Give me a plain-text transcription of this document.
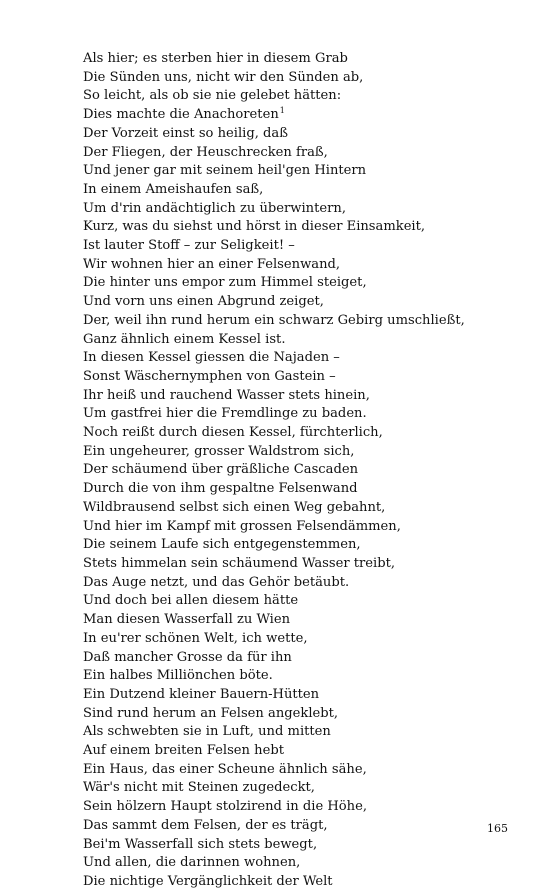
Als hier; es sterben hier in diesem Grab
Die Sünden uns, nicht wir den Sünden ab,
So leicht, als ob sie nie gelebet hätten:
Dies machte die Anachoreten$^1$
Der Vorzeit einst so heilig, daß
Der Fliegen, der Heuschrecken fraß,
Und jener gar mit seinem heil'gen Hintern
In einem Ameishaufen saß,
Um d'rin andächtiglich zu überwintern,
Kurz, was du siehst und hörst in dieser Einsamkeit,
Ist lauter Stoff – zur Seligkeit! –
Wir wohnen hier an einer Felsenwand,
Die hinter uns empor zum Himmel steiget,
Und vorn uns einen Abgrund zeiget,
Der, weil ihn rund herum ein schwarz Gebirg umschließt,
Ganz ähnlich einem Kessel ist.
In diesen Kessel giessen die Najaden –
Sonst Wäschernymphen von Gastein –
Ihr heiß und rauchend Wasser stets hinein,
Um gastfrei hier die Fremdlinge zu baden.
Noch reißt durch diesen Kessel, fürchterlich,
Ein ungeheurer, grosser Waldstrom sich,
Der schäumend über gräßliche Cascaden
Durch die von ihm gespaltne Felsenwand
Wildbrausend selbst sich einen Weg gebahnt,
Und hier im Kampf mit grossen Felsendämmen,
Die seinem Laufe sich entgegenstemmen,
Stets himmelan sein schäumend Wasser treibt,
Das Auge netzt, und das Gehör betäubt.
Und doch bei allen diesem hätte
Man diesen Wasserfall zu Wien
In eu'rer schönen Welt, ich wette,
Daß mancher Grosse da für ihn
Ein halbes Milliönchen böte.
Ein Dutzend kleiner Bauern-Hütten
Sind rund herum an Felsen angeklebt,
Als schwebten sie in Luft, und mitten
Auf einem breiten Felsen hebt
Ein Haus, das einer Scheune ähnlich sähe,
Wär's nicht mit Steinen zugedeckt,
Sein hölzern Haupt stolzirend in die Höhe,
Das sammt dem Felsen, der es trägt,
Bei'm Wasserfall sich stets bewegt,
Und allen, die darinnen wohnen,
Die nichtige Vergänglichkeit der Welt
165
